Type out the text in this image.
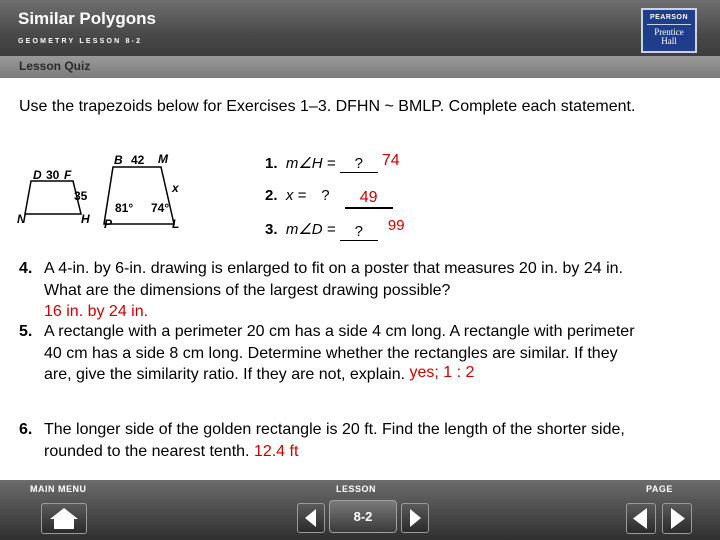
Similar Polygons
GEOMETRY LESSON 8-2
PEARSON
Prentice
Hall
Lesson Quiz
Use the trapezoids below for Exercises 1–3. DFHN ~ BMLP. Complete each statement.
D F
N	H
30
35
B	M
P	L
42
x
81° 74°
1. m∠H = ? 74
2. x = ? 49
3. m∠D = ? 99
4. A 4-in. by 6-in. drawing is enlarged to fit on a poster that measures 20 in. by 24 in. What are the dimensions of the largest drawing possible?
16 in. by 24 in.
5. A rectangle with a perimeter 20 cm has a side 4 cm long. A rectangle with perimeter 40 cm has a side 8 cm long. Determine whether the rectangles are similar. If they are, give the similarity ratio. If they are not, explain. yes; 1 : 2
6. The longer side of the golden rectangle is 20 ft. Find the length of the shorter side, rounded to the nearest tenth. 12.4 ft
MAIN MENU	LESSON	PAGE
8-2
